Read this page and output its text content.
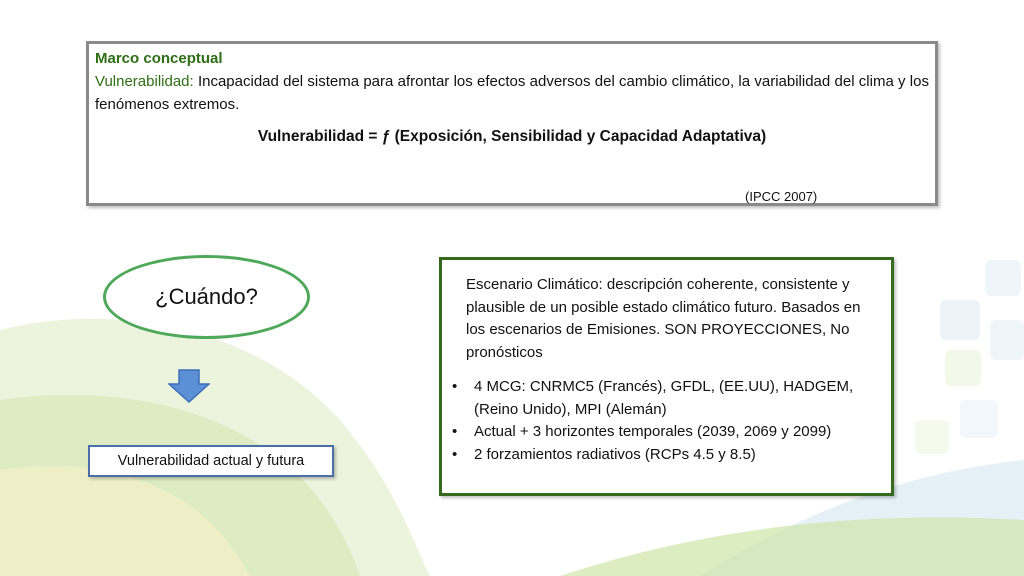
Marco conceptual
Vulnerabilidad: Incapacidad del sistema para afrontar los efectos adversos del cambio climático, la variabilidad del clima y los fenómenos extremos.
Vulnerabilidad = ƒ (Exposición, Sensibilidad y Capacidad Adaptativa)
(IPCC 2007)
¿Cuándo?
Vulnerabilidad actual y futura
Escenario Climático: descripción coherente, consistente y plausible de un posible estado climático futuro. Basados en los escenarios de Emisiones. SON PROYECCIONES, No pronósticos
• 4 MCG: CNRMC5 (Francés), GFDL, (EE.UU), HADGEM, (Reino Unido), MPI (Alemán)
• Actual + 3 horizontes temporales (2039, 2069 y 2099)
• 2 forzamientos radiativos (RCPs 4.5 y 8.5)
